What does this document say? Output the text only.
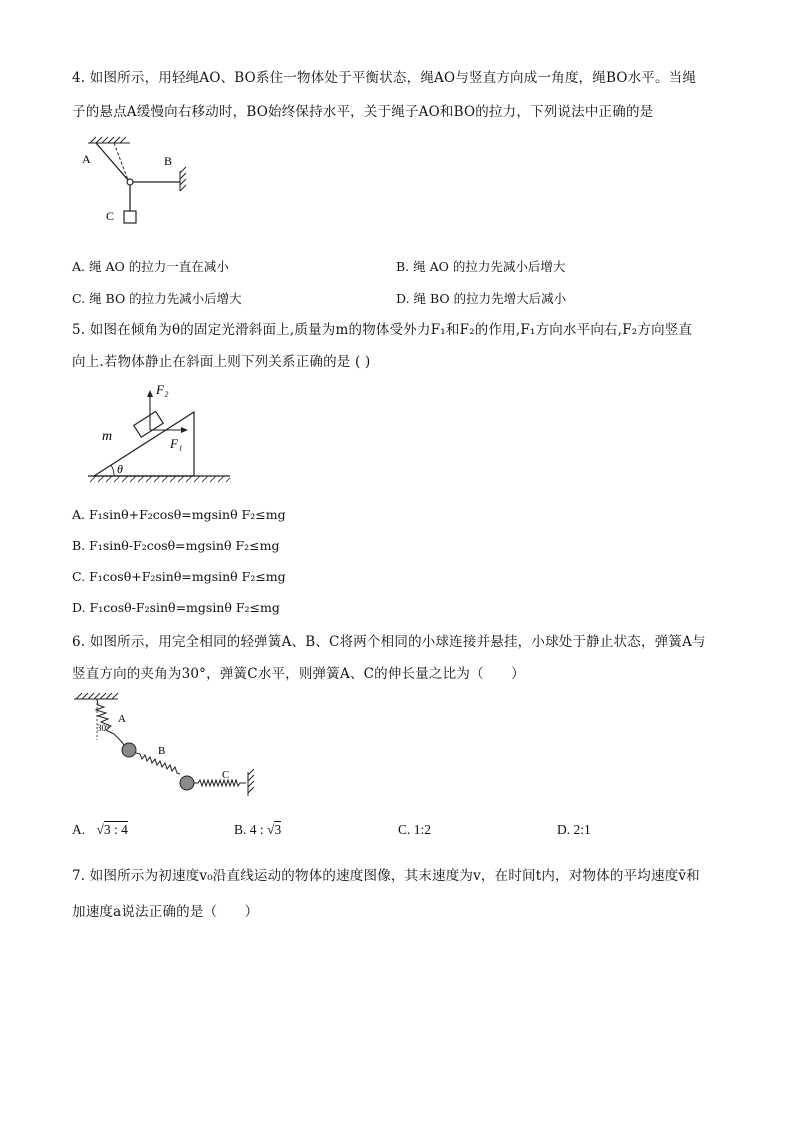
4. 如图所示，用轻绳AO、BO系住一物体处于平衡状态，绳AO与竖直方向成一角度，绳BO水平。当绳
子的悬点A缓慢向右移动时，BO始终保持水平，关于绳子AO和BO的拉力，下列说法中正确的是
A	B
C
A. 绳 AO 的拉力一直在减小	B. 绳 AO 的拉力先减小后增大
C. 绳 BO 的拉力先减小后增大	D. 绳 BO 的拉力先增大后减小
5. 如图在倾角为θ的固定光滑斜面上,质量为m的物体受外力F₁和F₂的作用,F₁方向水平向右,F₂方向竖直
向上.若物体静止在斜面上则下列关系正确的是 ( )
m	F₁
F₂
θ
A. F₁sinθ+F₂cosθ=mgsinθ F₂≤mg
B. F₁sinθ-F₂cosθ=mgsinθ F₂≤mg
C. F₁cosθ+F₂sinθ=mgsinθ F₂≤mg
D. F₁cosθ-F₂sinθ=mgsinθ F₂≤mg
6. 如图所示，用完全相同的轻弹簧A、B、C将两个相同的小球连接并悬挂，小球处于静止状态，弹簧A与
竖直方向的夹角为30°，弹簧C水平，则弹簧A、C的伸长量之比为（　　）
A
30°
B
C
A. √3 : 4	B. 4 : √3	C. 1:2	D. 2:1
7. 如图所示为初速度v₀沿直线运动的物体的速度图像，其末速度为v，在时间t内，对物体的平均速度v̄和
加速度a说法正确的是（　　）
